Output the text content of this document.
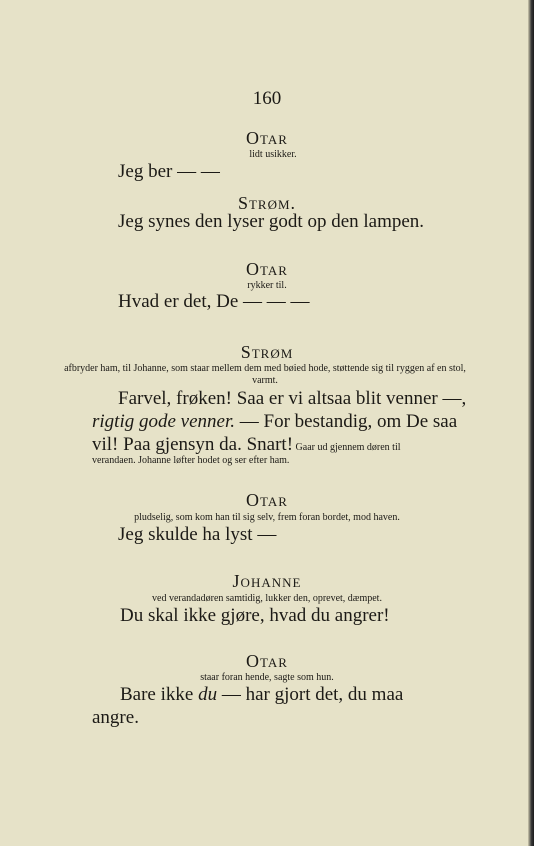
160
Otar
lidt usikker.
Jeg ber — —
Strøm.
Jeg synes den lyser godt op den lampen.
Otar
rykker til.
Hvad er det, De — — —
Strøm
afbryder ham, til Johanne, som staar mellem dem med bøied hode, støttende sig til ryggen af en stol, varmt.
Farvel, frøken! Saa er vi altsaa blit venner —,
rigtig gode venner. — For bestandig, om De saa
vil! Paa gjensyn da. Snart! Gaar ud gjennem døren til
verandaen. Johanne løfter hodet og ser efter ham.
Otar
pludselig, som kom han til sig selv, frem foran bordet, mod haven.
Jeg skulde ha lyst —
Johanne
ved verandadøren samtidig, lukker den, oprevet, dæmpet.
Du skal ikke gjøre, hvad du angrer!
Otar
staar foran hende, sagte som hun.
Bare ikke du — har gjort det, du maa
angre.
